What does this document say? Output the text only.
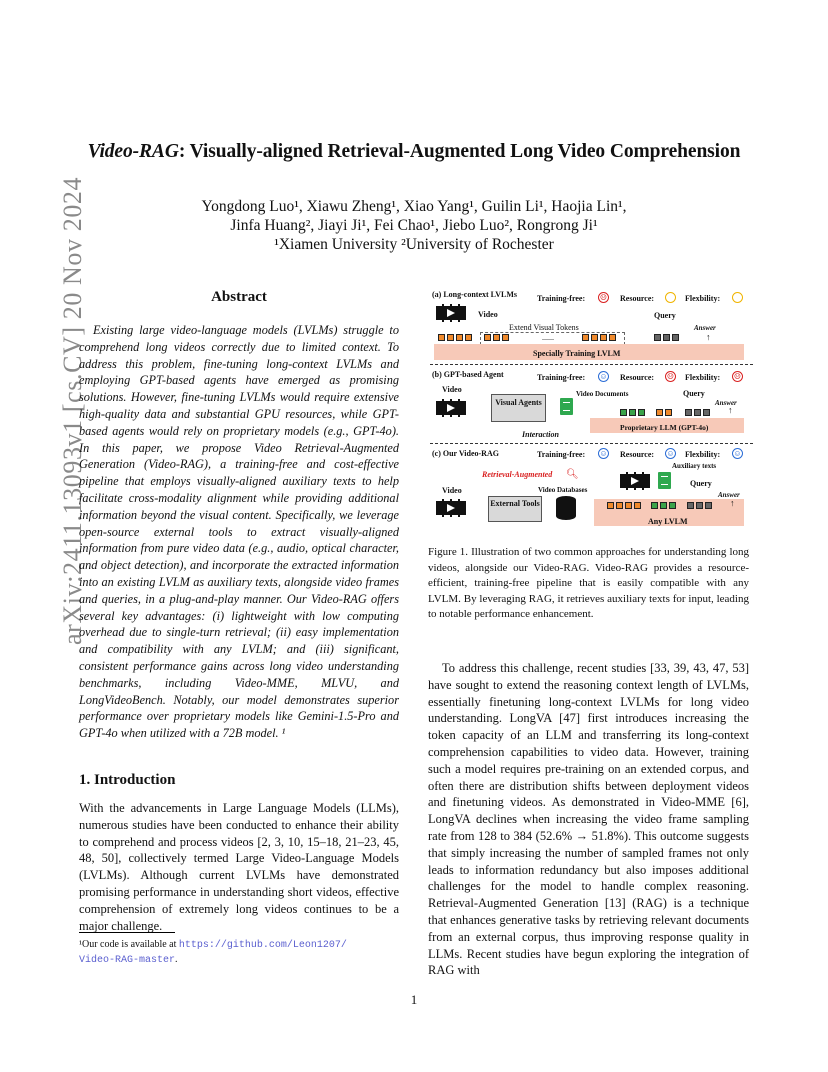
arXiv:2411.13093v1 [cs.CV] 20 Nov 2024
Video-RAG: Visually-aligned Retrieval-Augmented Long Video Comprehension
Yongdong Luo¹, Xiawu Zheng¹, Xiao Yang¹, Guilin Li¹, Haojia Lin¹,
Jinfa Huang², Jiayi Ji¹, Fei Chao¹, Jiebo Luo², Rongrong Ji¹
¹Xiamen University ²University of Rochester
Abstract
Existing large video-language models (LVLMs) struggle to comprehend long videos correctly due to limited context. To address this problem, fine-tuning long-context LVLMs and employing GPT-based agents have emerged as promising solutions. However, fine-tuning LVLMs would require extensive high-quality data and substantial GPU resources, while GPT-based agents would rely on proprietary models (e.g., GPT-4o). In this paper, we propose Video Retrieval-Augmented Generation (Video-RAG), a training-free and cost-effective pipeline that employs visually-aligned auxiliary texts to help facilitate cross-modality alignment while providing additional information beyond the visual content. Specifically, we leverage open-source external tools to extract visually-aligned information from pure video data (e.g., audio, optical character, and object detection), and incorporate the extracted information into an existing LVLM as auxiliary texts, alongside video frames and queries, in a plug-and-play manner. Our Video-RAG offers several key advantages: (i) lightweight with low computing overhead due to single-turn retrieval; (ii) easy implementation and compatibility with any LVLM; and (iii) significant, consistent performance gains across long video understanding benchmarks, including Video-MME, MLVU, and LongVideoBench. Notably, our model demonstrates superior performance over proprietary models like Gemini-1.5-Pro and GPT-4o when utilized with a 72B model. ¹
1. Introduction
With the advancements in Large Language Models (LLMs), numerous studies have been conducted to enhance their ability to comprehend and process videos [2, 3, 10, 15–18, 21–23, 45, 48, 50], collectively termed Large Video-Language Models (LVLMs). Although current LVLMs have demonstrated promising performance in understanding short videos, effective comprehension of extremely long videos continues to be a major challenge.
¹Our code is available at https://github.com/Leon1207/
Video-RAG-master.
(a) Long-context LVLMs Training-free: ☹ Resource:	Flexbility:
Video	Query
Extend Visual Tokens
......
Answer
↑
Specially Training LVLM
(b) GPT-based Agent	Training-free: ☺ Resource: ☹ Flexbility: ☹
Video
Visual Agents
Video Documents	Query
Answer
↑
Proprietary LLM (GPT-4o)
Interaction
(c) Our Video-RAG	Training-free: ☺ Resource: ☺ Flexbility: ☺
Retrieval-Augmented 🔍︎
Auxiliary texts
Query
Video	Video Databases
Answer
External Tools	↑
Any LVLM
Figure 1. Illustration of two common approaches for understanding long videos, alongside our Video-RAG. Video-RAG provides a resource-efficient, training-free pipeline that is easily compatible with any LVLM. By leveraging RAG, it retrieves auxiliary texts for input, leading to notable performance enhancement.
To address this challenge, recent studies [33, 39, 43, 47, 53] have sought to extend the reasoning context length of LVLMs, essentially finetuning long-context LVLMs for long video understanding. LongVA [47] first introduces increasing the token capacity of an LLM and transferring its long-context comprehension capabilities to video data. However, training such a model requires pre-training on an extended corpus, and often there are distribution shifts between deployment videos and finetuning videos. As demonstrated in Video-MME [6], LongVA declines when increasing the video frame sampling rate from 128 to 384 (52.6% → 51.8%). This outcome suggests that simply increasing the number of sampled frames not only leads to information redundancy but also imposes additional challenges for the model to handle complex reasoning. Retrieval-Augmented Generation [13] (RAG) is a technique that enhances generative tasks by retrieving relevant documents from an external corpus, thus improving response quality in LLMs. Recent studies have begun exploring the integration of RAG with
1
